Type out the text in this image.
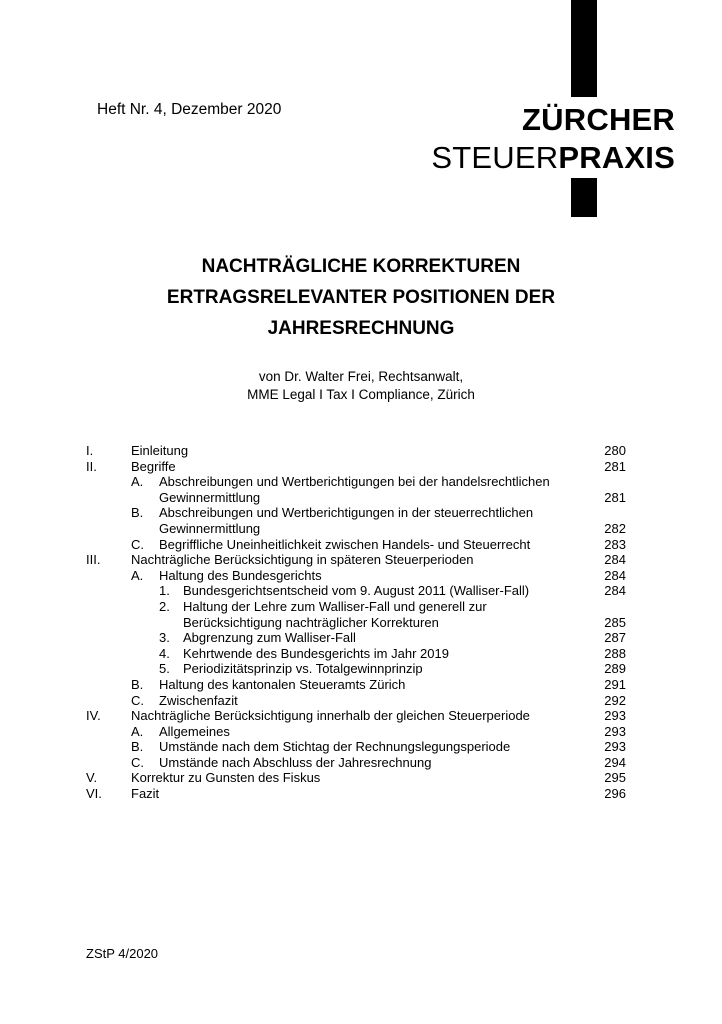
Heft Nr. 4, Dezember 2020	ZÜRCHER
STEUERPRAXIS
NACHTRÄGLICHE KORREKTUREN
ERTRAGSRELEVANTER POSITIONEN DER
JAHRESRECHNUNG
von Dr. Walter Frei, Rechtsanwalt,
MME Legal I Tax I Compliance, Zürich
I.	Einleitung	280
II.	Begriffe	281
A.	Abschreibungen und Wertberichtigungen bei der handelsrechtlichen
Gewinnermittlung	281
B.	Abschreibungen und Wertberichtigungen in der steuerrechtlichen
Gewinnermittlung	282
C.	Begriffliche Uneinheitlichkeit zwischen Handels- und Steuerrecht	283
III.	Nachträgliche Berücksichtigung in späteren Steuerperioden	284
A.	Haltung des Bundesgerichts	284
1.	Bundesgerichtsentscheid vom 9. August 2011 (Walliser-Fall)	284
2.	Haltung der Lehre zum Walliser-Fall und generell zur
Berücksichtigung nachträglicher Korrekturen	285
3.	Abgrenzung zum Walliser-Fall	287
4.	Kehrtwende des Bundesgerichts im Jahr 2019	288
5.	Periodizitätsprinzip vs. Totalgewinnprinzip	289
B.	Haltung des kantonalen Steueramts Zürich	291
C.	Zwischenfazit	292
IV.	Nachträgliche Berücksichtigung innerhalb der gleichen Steuerperiode	293
A.	Allgemeines	293
B.	Umstände nach dem Stichtag der Rechnungslegungsperiode	293
C.	Umstände nach Abschluss der Jahresrechnung	294
V.	Korrektur zu Gunsten des Fiskus	295
VI.	Fazit	296
ZStP 4/2020
